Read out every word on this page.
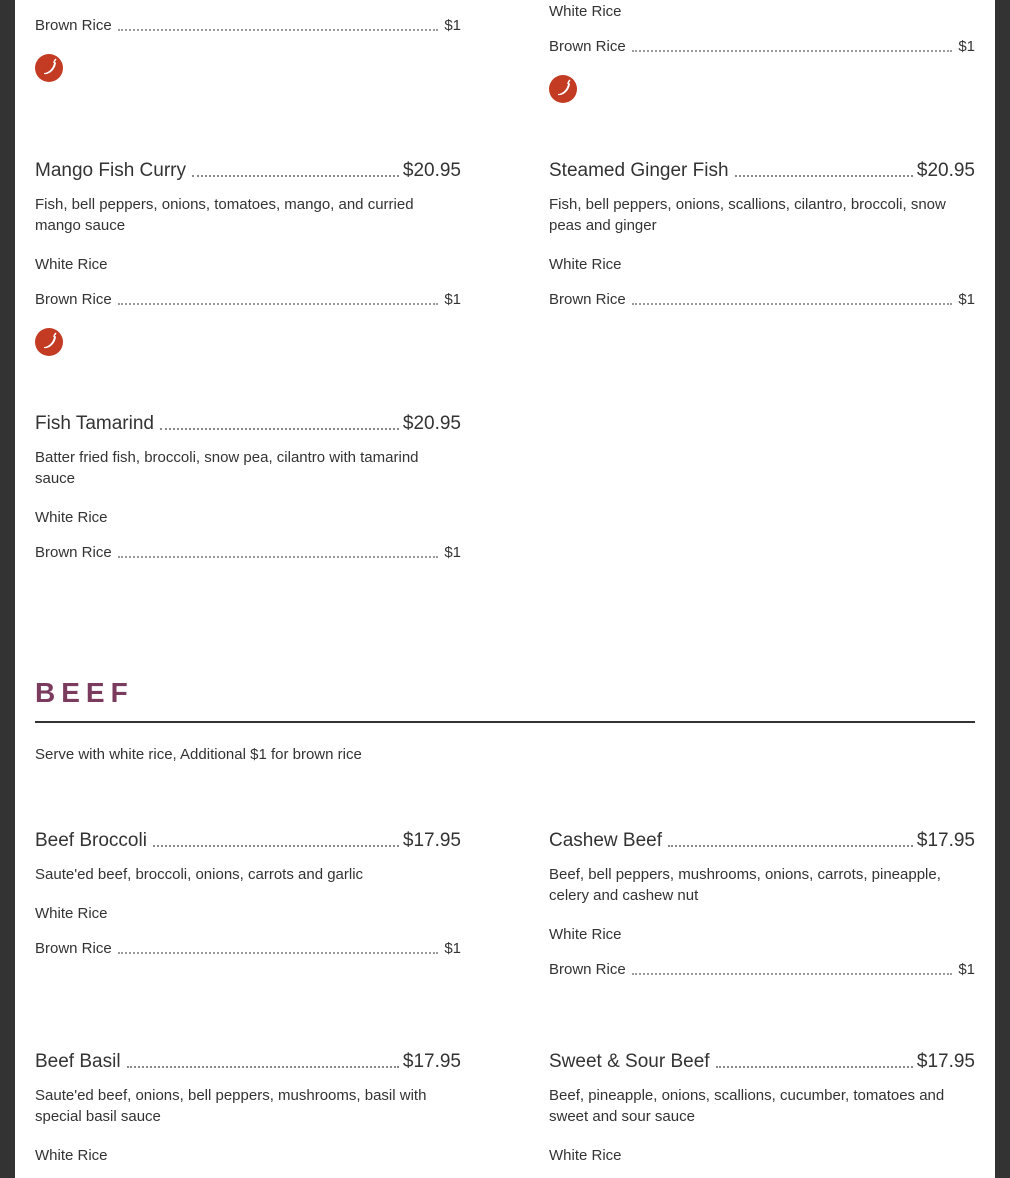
Brown Rice	$1
White Rice
Brown Rice	$1
Mango Fish Curry	$20.95
Fish, bell peppers, onions, tomatoes, mango, and curried mango sauce
White Rice
Brown Rice	$1
Steamed Ginger Fish	$20.95
Fish, bell peppers, onions, scallions, cilantro, broccoli, snow peas and ginger
White Rice
Brown Rice	$1
Fish Tamarind	$20.95
Batter fried fish, broccoli, snow pea, cilantro with tamarind sauce
White Rice
Brown Rice	$1
BEEF
Serve with white rice, Additional $1 for brown rice
Beef Broccoli	$17.95
Saute'ed beef, broccoli, onions, carrots and garlic
White Rice
Brown Rice	$1
Cashew Beef	$17.95
Beef, bell peppers, mushrooms, onions, carrots, pineapple, celery and cashew nut
White Rice
Brown Rice	$1
Beef Basil	$17.95
Saute'ed beef, onions, bell peppers, mushrooms, basil with special basil sauce
White Rice
Sweet & Sour Beef	$17.95
Beef, pineapple, onions, scallions, cucumber, tomatoes and sweet and sour sauce
White Rice
